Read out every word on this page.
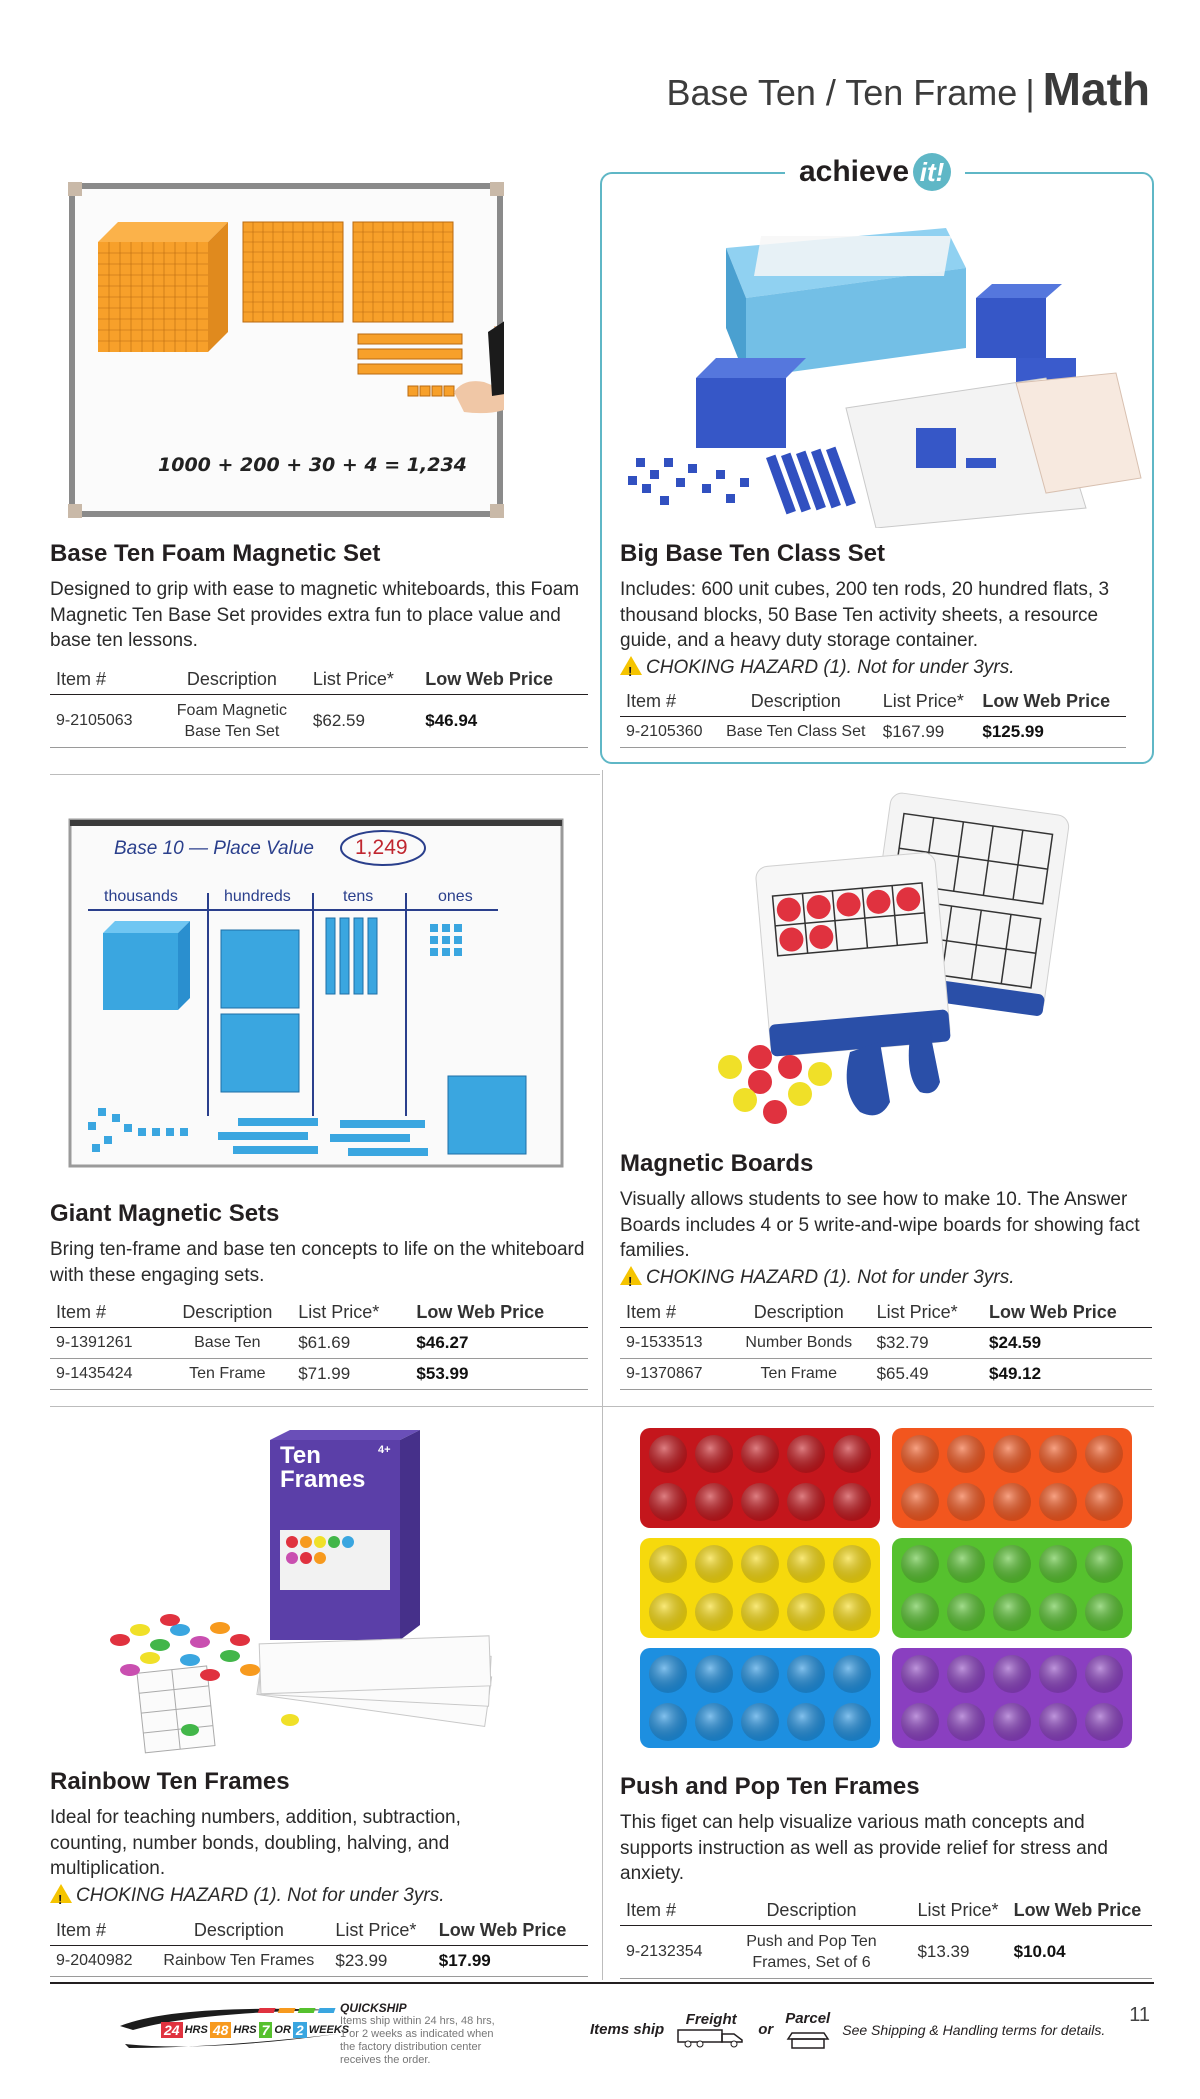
Base Ten / Ten Frame | Math
achieve it!
1000 + 200 + 30 + 4 = 1,234
Base Ten Foam Magnetic Set
Designed to grip with ease to magnetic whiteboards, this Foam Magnetic Ten Base Set provides extra fun to place value and base ten lessons.
Item #	Description	List Price*	Low Web Price
9-2105063	Foam Magnetic Base Ten Set	$62.59	$46.94
Big Base Ten Class Set
Includes: 600 unit cubes, 200 ten rods, 20 hundred flats, 3 thousand blocks, 50 Base Ten activity sheets, a resource guide, and a heavy duty storage container.
!CHOKING HAZARD (1). Not for under 3yrs.
Item #	Description	List Price*	Low Web Price
9-2105360	Base Ten Class Set	$167.99	$125.99
Base 10 — Place Value 1,249
thousands	hundreds	tens	ones
Giant Magnetic Sets
Bring ten-frame and base ten concepts to life on the whiteboard with these engaging sets.
Item #	Description	List Price*	Low Web Price
9-1391261	Base Ten	$61.69	$46.27
9-1435424	Ten Frame	$71.99	$53.99
Magnetic Boards
Visually allows students to see how to make 10. The Answer Boards includes 4 or 5 write-and-wipe boards for showing fact families.
!CHOKING HAZARD (1). Not for under 3yrs.
Item #	Description	List Price*	Low Web Price
9-1533513	Number Bonds	$32.79	$24.59
9-1370867	Ten Frame	$65.49	$49.12
Ten Frames
4+
Rainbow Ten Frames
Ideal for teaching numbers, addition, subtraction, counting, number bonds, doubling, halving, and multiplication.
!CHOKING HAZARD (1). Not for under 3yrs.
Item #	Description	List Price*	Low Web Price
9-2040982	Rainbow Ten Frames	$23.99	$17.99
Push and Pop Ten Frames
This figet can help visualize various math concepts and supports instruction as well as provide relief for stress and anxiety.
Item #	Description	List Price*	Low Web Price
9-2132354	Push and Pop Ten Frames, Set of 6	$13.39	$10.04
24 HRS 48 HRS 7 OR 2 WEEKS
QUICKSHIP
Items ship within 24 hrs, 48 hrs, 1 or 2 weeks as indicated when the factory distribution center receives the order.
Items ship
Freight
or
Parcel
See Shipping & Handling terms for details.
11
